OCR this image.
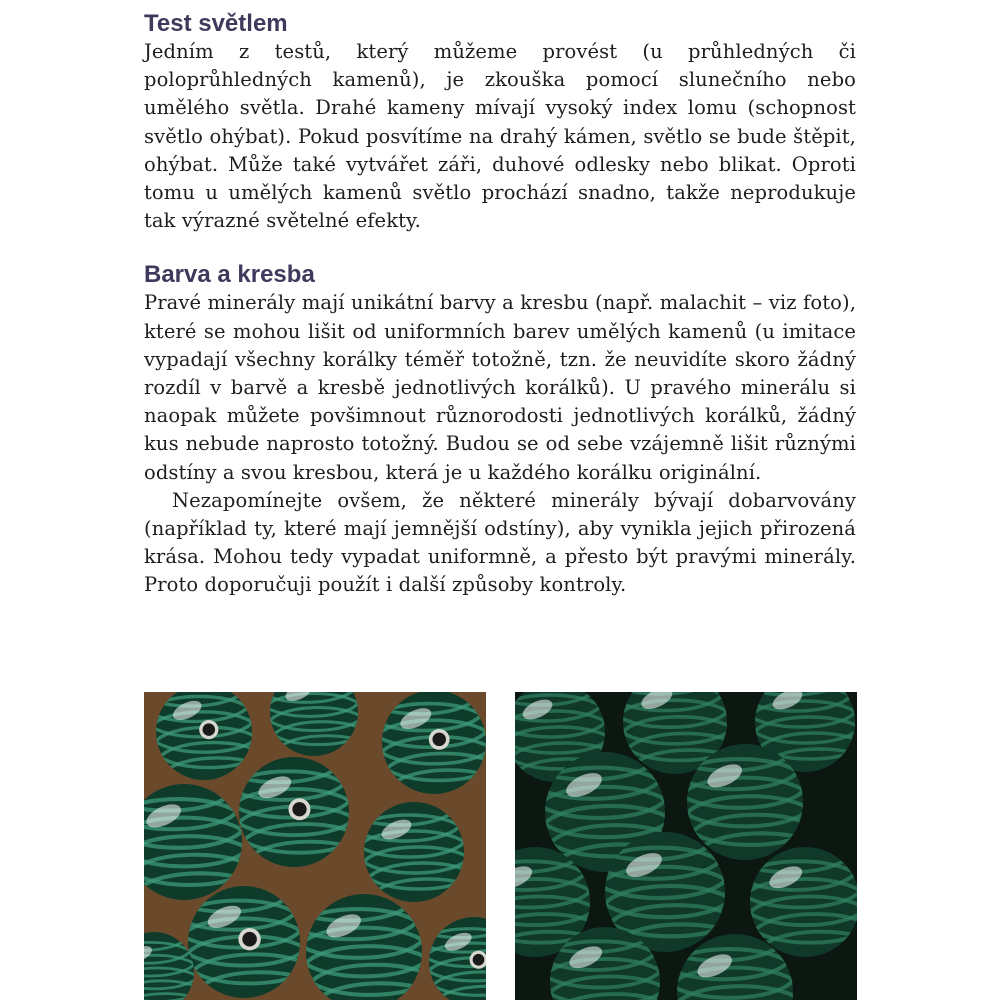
Test světlem

Jedním z testů, který můžeme provést (u průhledných či poloprůhledných kamenů), je zkouška pomocí slunečního nebo umělého světla. Drahé kameny mívají vysoký index lomu (schopnost světlo ohýbat). Pokud posvítíme na drahý kámen, světlo se bude štěpit, ohýbat. Může také vytvářet záři, duhové odlesky nebo blikat. Oproti tomu u umělých kamenů světlo prochází snadno, takže neprodukuje tak výrazné světelné efekty.

Barva a kresba

Pravé minerály mají unikátní barvy a kresbu (např. malachit – viz foto), které se mohou lišit od uniformních barev umělých kamenů (u imitace vypadají všechny korálky téměř totožně, tzn. že neuvidíte skoro žádný rozdíl v barvě a kresbě jednotlivých korálků). U pravého minerálu si naopak můžete povšimnout různorodosti jednotlivých korálků, žádný kus nebude naprosto totožný. Budou se od sebe vzájemně lišit různými odstíny a svou kresbou, která je u každého korálku originální.

Nezapomínejte ovšem, že některé minerály bývají dobarvovány (například ty, které mají jemnější odstíny), aby vynikla jejich přirozená krása. Mohou tedy vypadat uniformně, a přesto být pravými minerály. Proto doporučuji použít i další způsoby kontroly.
